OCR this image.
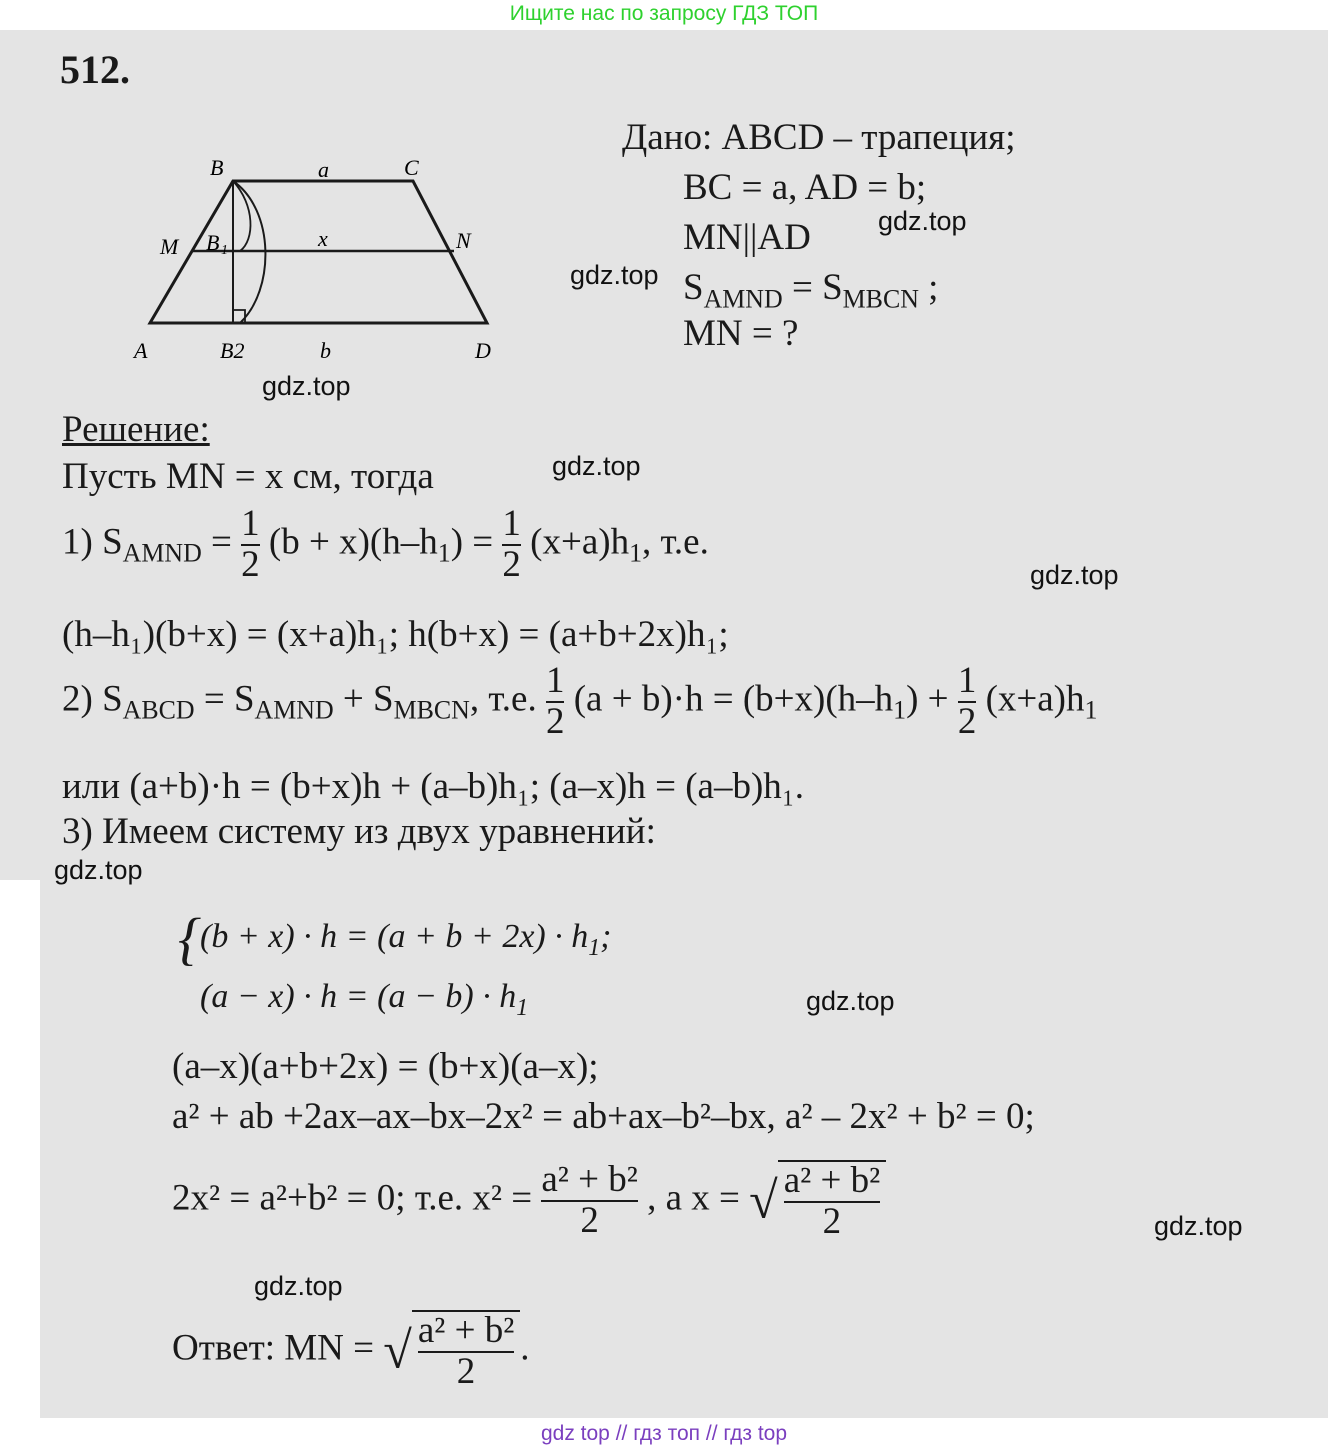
Ищите нас по запросу ГДЗ ТОП
512.
B	C
a
M B 1	x	N
A	B2	b	D
Дано: ABCD – трапеция;
BC = a, AD = b;
MN||AD
$S_{AMND} = S_{MBCN}$ ;
MN = ?
Решение:
Пусть MN = x см, тогда
1) $S_{AMND} = \frac{1}{2} (b + x)(h-h_1) = \frac{1}{2} (x+a)h_1$, т.е.
(h–h₁)(b+x) = (x+a)h₁; h(b+x) = (a+b+2x)h₁;
2) $S_{ABCD} = S_{AMND} + S_{MBCN}$, т.е. $\frac{1}{2} (a + b)\cdot h = (b+x)(h-h_1) + \frac{1}{2} (x+a)h_1$
или (a+b)·h = (b+x)h + (a–b)h₁; (a–x)h = (a–b)h₁.
3) Имеем систему из двух уравнений:
{
$(b + x) \cdot h = (a + b + 2x) \cdot h_1$;
$(a - x) \cdot h = (a - b) \cdot h_1$
(a–x)(a+b+2x) = (b+x)(a–x);
a² + ab +2ax–ax–bx–2x² = ab+ax–b²–bx, a² – 2x² + b² = 0;
2x² = a²+b² = 0; т.е. $x^2 = \frac{\text{a² + b²}}{2}$ , a x = √ $\frac{\text{a² + b²}}{2}$
Ответ: MN = √ $\frac{\text{a² + b²}}{2}$ .
gdz.top
gdz.top
gdz.top
gdz.top
gdz.top
gdz.top
gdz.top
gdz.top
gdz.top
gdz top // гдз топ // гдз top
